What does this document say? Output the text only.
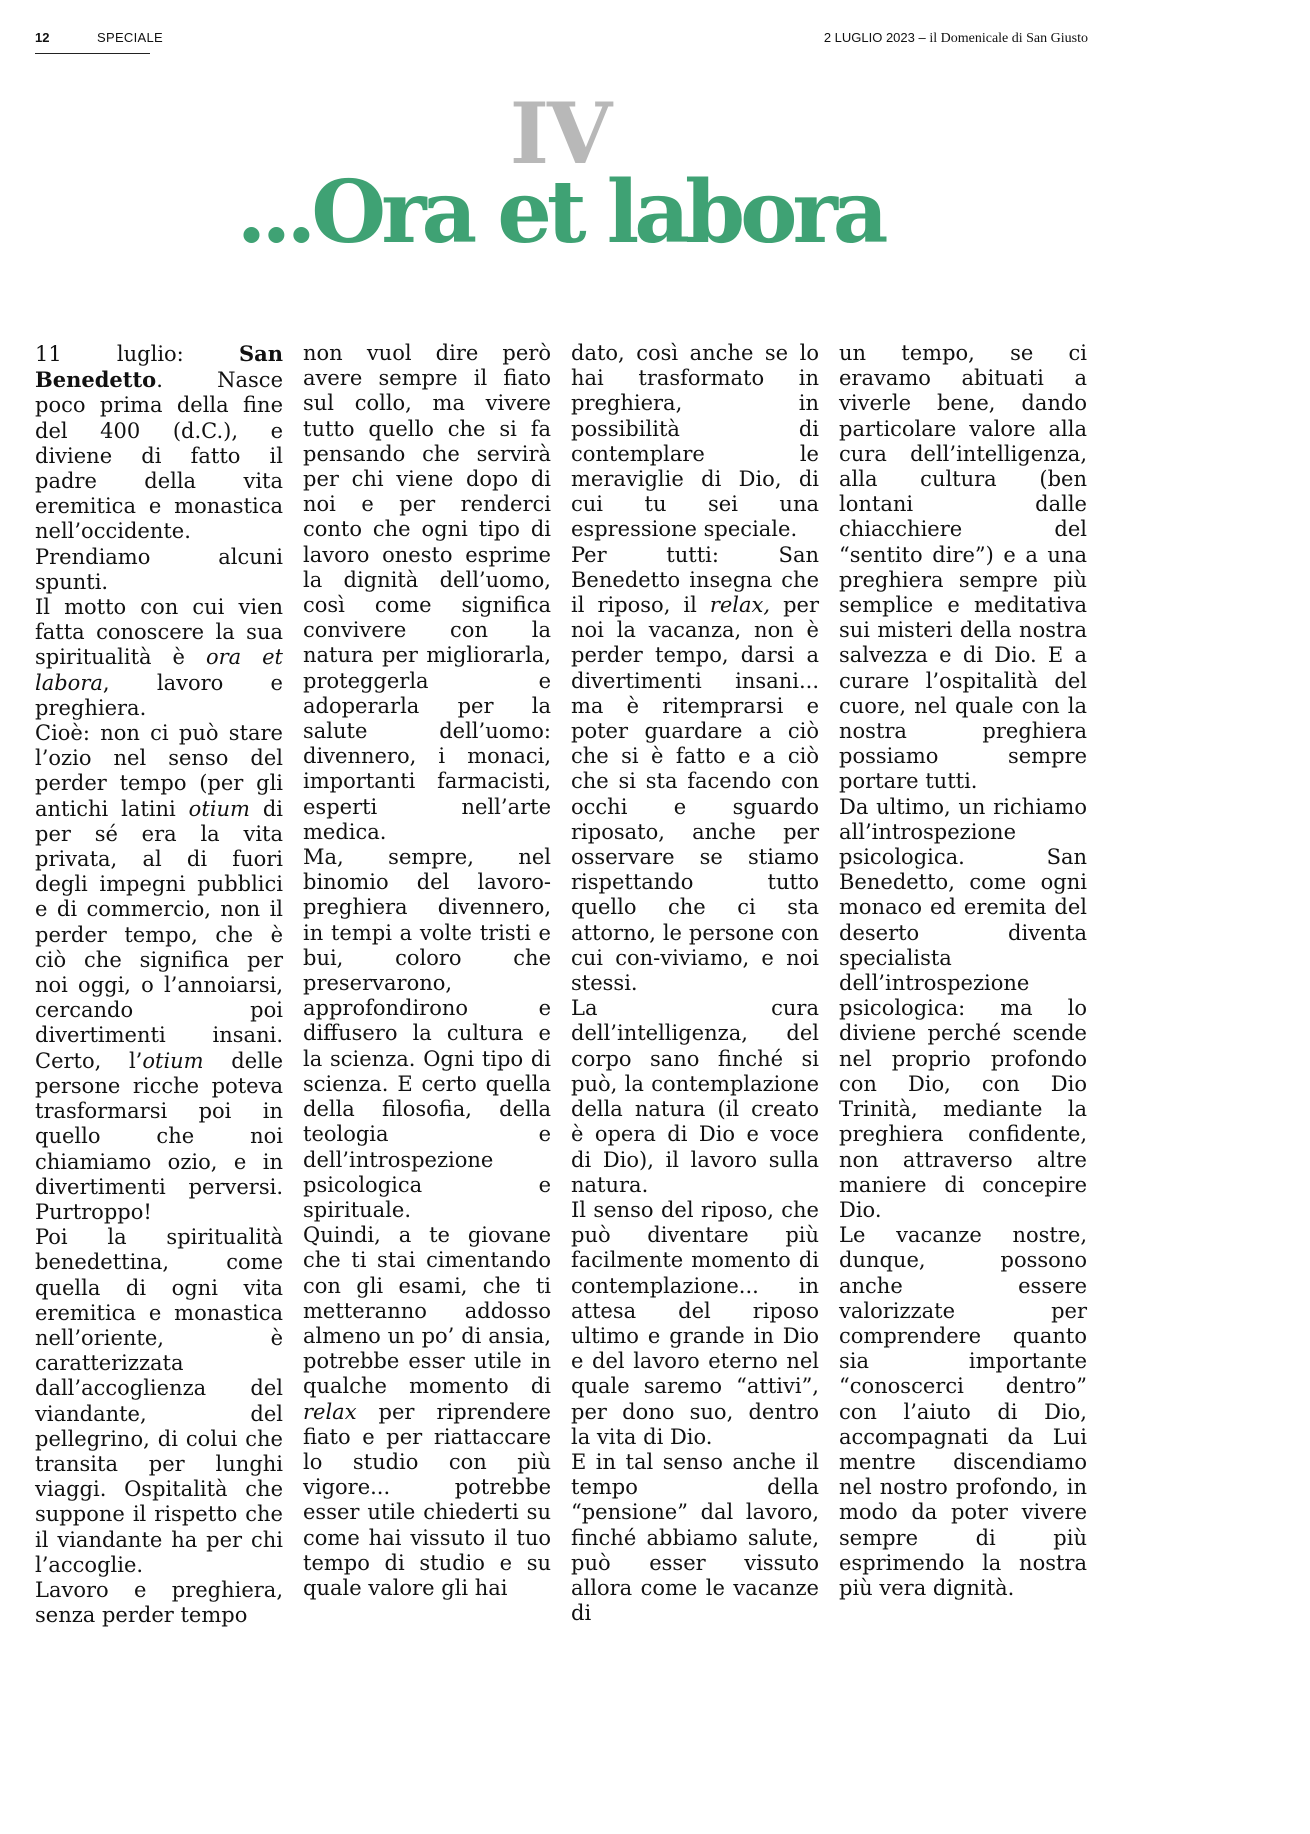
12	SPECIALE	2 LUGLIO 2023 – il Domenicale di San Giusto
IV
...Ora et labora

11 luglio: San Benedetto. Nasce poco prima della fine del 400 (d.C.), e diviene di fatto il padre della vita eremitica e monastica nell’occidente. Prendiamo alcuni spunti.

Il motto con cui vien fatta conoscere la sua spiritualità è ora et labora, lavoro e preghiera.

Cioè: non ci può stare l’ozio nel senso del perder tempo (per gli antichi latini otium di per sé era la vita privata, al di fuori degli impegni pubblici e di commercio, non il perder tempo, che è ciò che significa per noi oggi, o l’annoiarsi, cercando poi divertimenti insani. Certo, l’otium delle persone ricche poteva trasformarsi poi in quello che noi chiamiamo ozio, e in divertimenti perversi. Purtroppo!

Poi la spiritualità benedettina, come quella di ogni vita eremitica e monastica nell’oriente, è caratterizzata dall’accoglienza del viandante, del pellegrino, di colui che transita per lunghi viaggi. Ospitalità che suppone il rispetto che il viandante ha per chi l’accoglie.

Lavoro e preghiera, senza perder tempo

non vuol dire però avere sempre il fiato sul collo, ma vivere tutto quello che si fa pensando che servirà per chi viene dopo di noi e per renderci conto che ogni tipo di lavoro onesto esprime la dignità dell’uomo, così come significa convivere con la natura per migliorarla, proteggerla e adoperarla per la salute dell’uomo: divennero, i monaci, importanti farmacisti, esperti nell’arte medica.

Ma, sempre, nel binomio del lavoro-preghiera divennero, in tempi a volte tristi e bui, coloro che preservarono, approfondirono e diffusero la cultura e la scienza. Ogni tipo di scienza. E certo quella della filosofia, della teologia e dell’introspezione psicologica e spirituale.

Quindi, a te giovane che ti stai cimentando con gli esami, che ti metteranno addosso almeno un po’ di ansia, potrebbe esser utile in qualche momento di relax per riprendere fiato e per riattaccare lo studio con più vigore... potrebbe esser utile chiederti su come hai vissuto il tuo tempo di studio e su quale valore gli hai

dato, così anche se lo hai trasformato in preghiera, in possibilità di contemplare le meraviglie di Dio, di cui tu sei una espressione speciale.

Per tutti: San Benedetto insegna che il riposo, il relax, per noi la vacanza, non è perder tempo, darsi a divertimenti insani... ma è ritemprarsi e poter guardare a ciò che si è fatto e a ciò che si sta facendo con occhi e sguardo riposato, anche per osservare se stiamo rispettando tutto quello che ci sta attorno, le persone con cui con-viviamo, e noi stessi.

La cura dell’intelligenza, del corpo sano finché si può, la contemplazione della natura (il creato è opera di Dio e voce di Dio), il lavoro sulla natura.

Il senso del riposo, che può diventare più facilmente momento di contemplazione... in attesa del riposo ultimo e grande in Dio e del lavoro eterno nel quale saremo “attivi”, per dono suo, dentro la vita di Dio.

E in tal senso anche il tempo della “pensione” dal lavoro, finché abbiamo salute, può esser vissuto allora come le vacanze di

un tempo, se ci eravamo abituati a viverle bene, dando particolare valore alla cura dell’intelligenza, alla cultura (ben lontani dalle chiacchiere del “sentito dire”) e a una preghiera sempre più semplice e meditativa sui misteri della nostra salvezza e di Dio. E a curare l’ospitalità del cuore, nel quale con la nostra preghiera possiamo sempre portare tutti.

Da ultimo, un richiamo all’introspezione psicologica. San Benedetto, come ogni monaco ed eremita del deserto diventa specialista dell’introspezione psicologica: ma lo diviene perché scende nel proprio profondo con Dio, con Dio Trinità, mediante la preghiera confidente, non attraverso altre maniere di concepire Dio.

Le vacanze nostre, dunque, possono anche essere valorizzate per comprendere quanto sia importante “conoscerci dentro” con l’aiuto di Dio, accompagnati da Lui mentre discendiamo nel nostro profondo, in modo da poter vivere sempre di più esprimendo la nostra più vera dignità.
